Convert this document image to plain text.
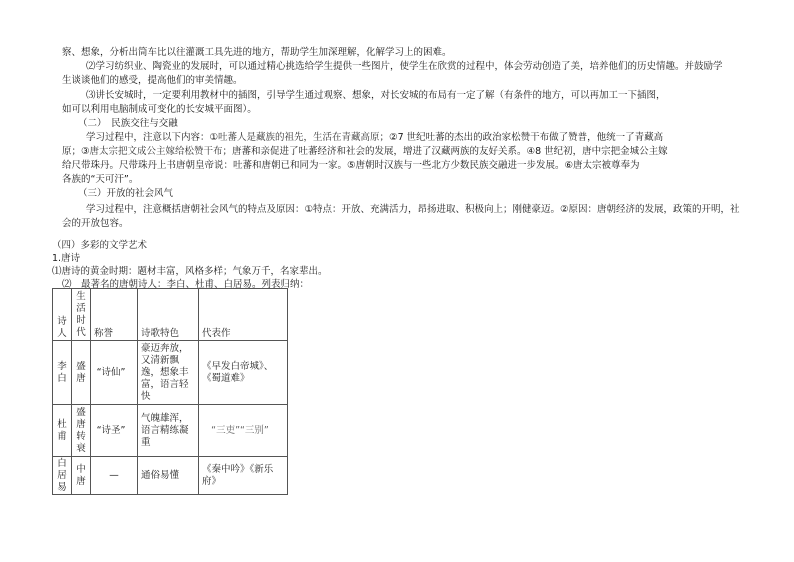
察、想象，分析出筒车比以往灌溉工具先进的地方，帮助学生加深理解，化解学习上的困难。
⑵学习纺织业、陶瓷业的发展时，可以通过精心挑选给学生提供一些图片，使学生在欣赏的过程中，体会劳动创造了美，培养他们的历史情趣。并鼓励学
生谈谈他们的感受，提高他们的审美情趣。
⑶讲长安城时，一定要利用教材中的插图，引导学生通过观察、想象，对长安城的布局有一定了解（有条件的地方，可以再加工一下插图，
如可以利用电脑制成可变化的长安城平面图）。
（二）　民族交往与交融
学习过程中，注意以下内容：①吐蕃人是藏族的祖先，生活在青藏高原；②7 世纪吐蕃的杰出的政治家松赞干布做了赞普，他统一了青藏高
原；③唐太宗把文成公主嫁给松赞干布；唐蕃和亲促进了吐蕃经济和社会的发展，增进了汉藏两族的友好关系。④8 世纪初，唐中宗把金城公主嫁
给尺带珠丹。尺带珠丹上书唐朝皇帝说：吐蕃和唐朝已和同为一家。⑤唐朝时汉族与一些北方少数民族交融进一步发展。⑥唐太宗被尊奉为
各族的“天可汗”。
（三）开放的社会风气
学习过程中，注意概括唐朝社会风气的特点及原因：①特点：开放、充满活力，昂扬进取、积极向上；刚健豪迈。②原因：唐朝经济的发展，政策的开明，社
会的开放包容。
（四）多彩的文学艺术
1.唐诗
⑴唐诗的黄金时期：题材丰富，风格多样；气象万千，名家辈出。
⑵　最著名的唐朝诗人：李白、杜甫、白居易。列表归纳：
诗人	生活时代	称誉	诗歌特色	代表作
李白	盛唐	“诗仙”	豪迈奔放，又清新飘逸，想象丰富，语言轻快	《早发白帝城》、《蜀道难》
杜甫	盛唐转衰	“诗圣”	气魄雄浑，语言精练凝重	“三吏”“三别”
白居易	中唐	—	通俗易懂	《秦中吟》《新乐府》
